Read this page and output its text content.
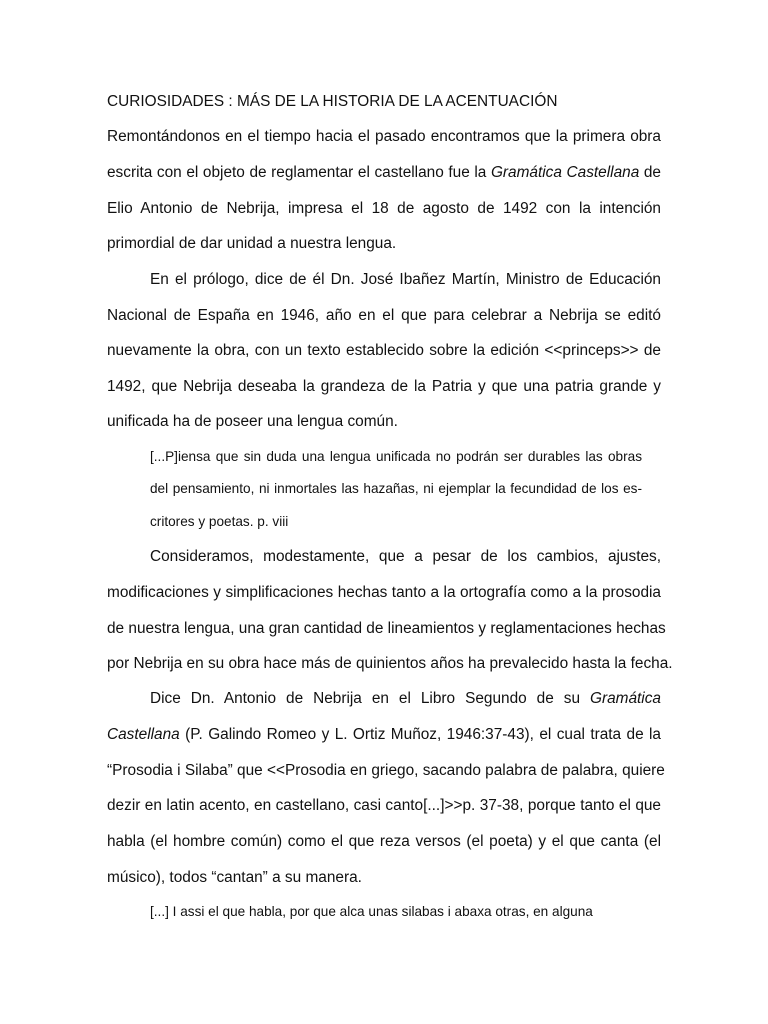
CURIOSIDADES : MÁS DE LA HISTORIA DE LA ACENTUACIÓN
Remontándonos en el tiempo hacia el pasado encontramos que la primera obra
escrita con el objeto de reglamentar el castellano fue la Gramática Castellana de
Elio Antonio de Nebrija, impresa el 18 de agosto de 1492 con la intención
primordial de dar unidad a nuestra lengua.
En el prólogo, dice de él Dn. José Ibañez Martín, Ministro de Educación
Nacional de España en 1946, año en el que para celebrar a Nebrija se editó
nuevamente la obra, con un texto establecido sobre la edición <<princeps>> de
1492, que Nebrija deseaba la grandeza de la Patria y que una patria grande y
unificada ha de poseer una lengua común.
[...P]iensa que sin duda una lengua unificada no podrán ser durables las obras
del pensamiento, ni inmortales las hazañas, ni ejemplar la fecundidad de los es-
critores y poetas. p. viii
Consideramos, modestamente, que a pesar de los cambios, ajustes,
modificaciones y simplificaciones hechas tanto a la ortografía como a la prosodia
de nuestra lengua, una gran cantidad de lineamientos y reglamentaciones hechas
por Nebrija en su obra hace más de quinientos años ha prevalecido hasta la fecha.
Dice Dn. Antonio de Nebrija en el Libro Segundo de su Gramática
Castellana (P. Galindo Romeo y L. Ortiz Muñoz, 1946:37-43), el cual trata de la
“Prosodia i Silaba” que <<Prosodia en griego, sacando palabra de palabra, quiere
dezir en latin acento, en castellano, casi canto[...]>>p. 37-38, porque tanto el que
habla (el hombre común) como el que reza versos (el poeta) y el que canta (el
músico), todos “cantan” a su manera.
[...] I assi el que habla, por que alca unas silabas i abaxa otras, en alguna
